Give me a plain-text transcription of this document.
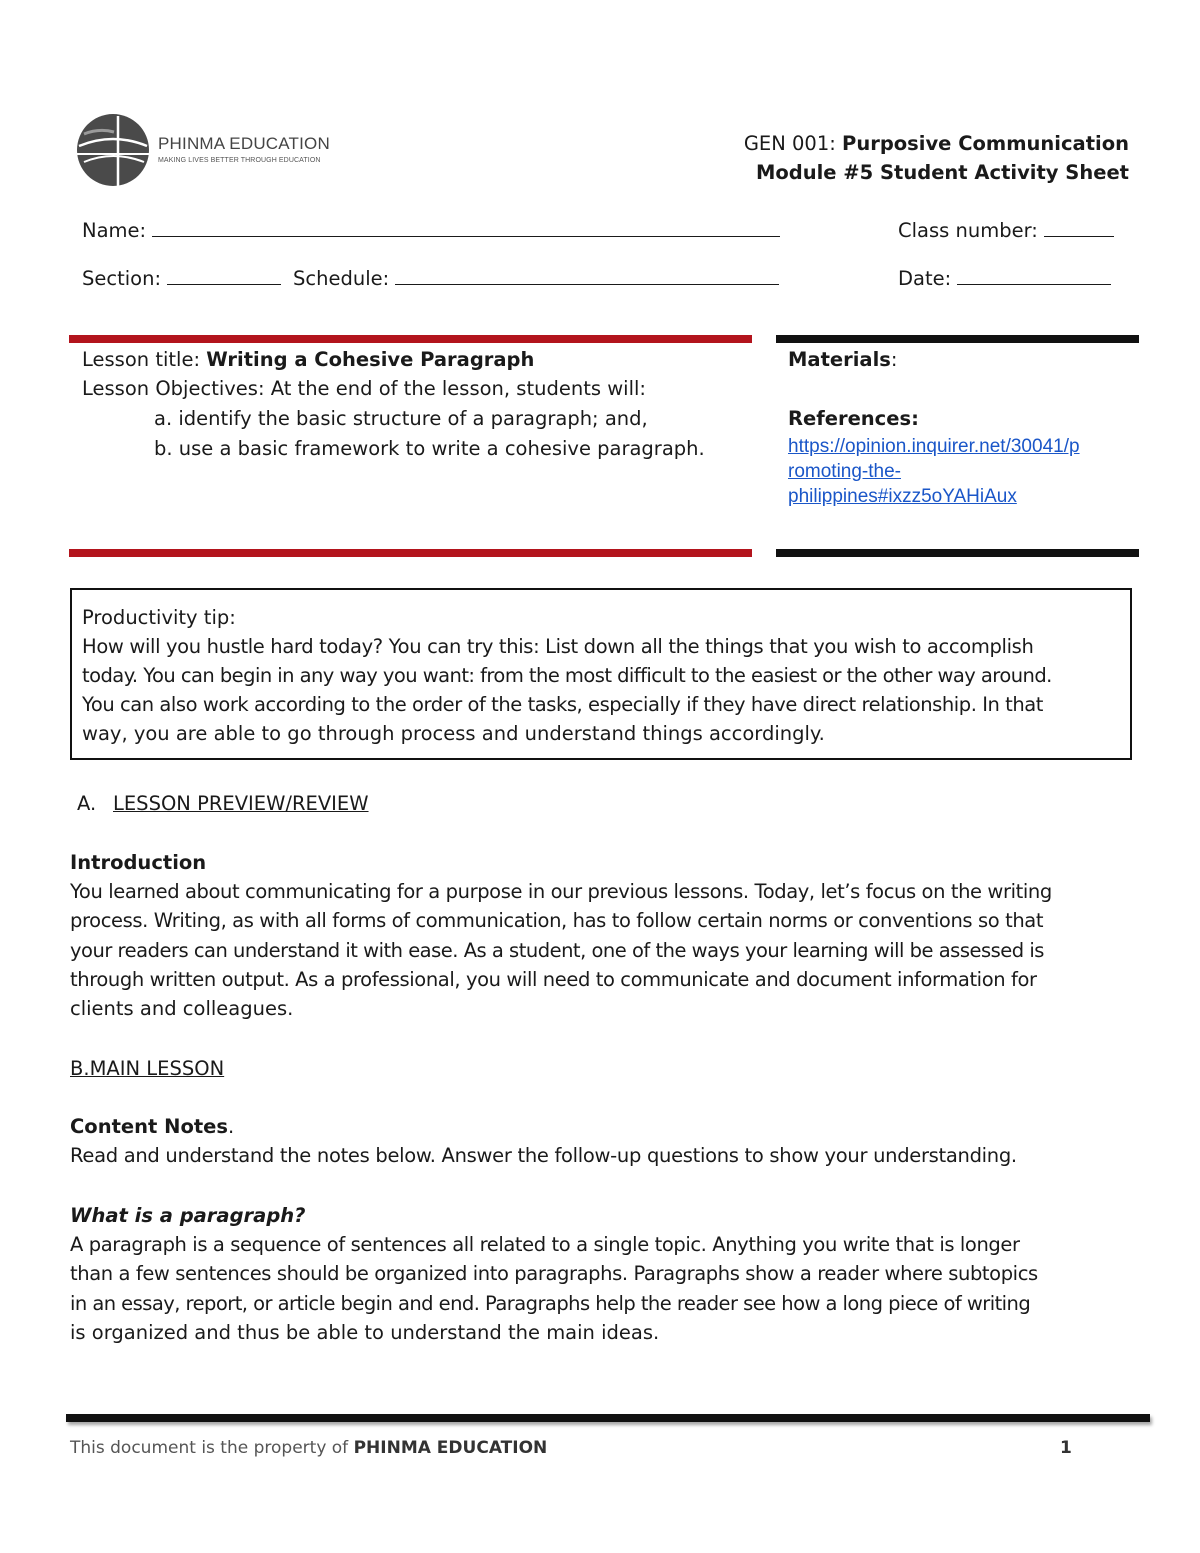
PHINMA EDUCATION
MAKING LIVES BETTER THROUGH EDUCATION
GEN 001: Purposive Communication
Module #5 Student Activity Sheet
Name:	Class number:
Section:	Schedule:	Date:
Lesson title: Writing a Cohesive Paragraph
Lesson Objectives: At the end of the lesson, students will:
a. identify the basic structure of a paragraph; and,
b. use a basic framework to write a cohesive paragraph.
Materials:
References:
https://opinion.inquirer.net/30041/p
romoting-the-
philippines#ixzz5oYAHiAux
Productivity tip:
How will you hustle hard today? You can try this: List down all the things that you wish to accomplish
today. You can begin in any way you want: from the most difficult to the easiest or the other way around.
You can also work according to the order of the tasks, especially if they have direct relationship. In that
way, you are able to go through process and understand things accordingly.
A. LESSON PREVIEW/REVIEW
Introduction
You learned about communicating for a purpose in our previous lessons. Today, let’s focus on the writing
process. Writing, as with all forms of communication, has to follow certain norms or conventions so that
your readers can understand it with ease. As a student, one of the ways your learning will be assessed is
through written output. As a professional, you will need to communicate and document information for
clients and colleagues.
B.MAIN LESSON
Content Notes.
Read and understand the notes below. Answer the follow-up questions to show your understanding.
What is a paragraph?
A paragraph is a sequence of sentences all related to a single topic. Anything you write that is longer
than a few sentences should be organized into paragraphs. Paragraphs show a reader where subtopics
in an essay, report, or article begin and end. Paragraphs help the reader see how a long piece of writing
is organized and thus be able to understand the main ideas.
This document is the property of PHINMA EDUCATION	1
